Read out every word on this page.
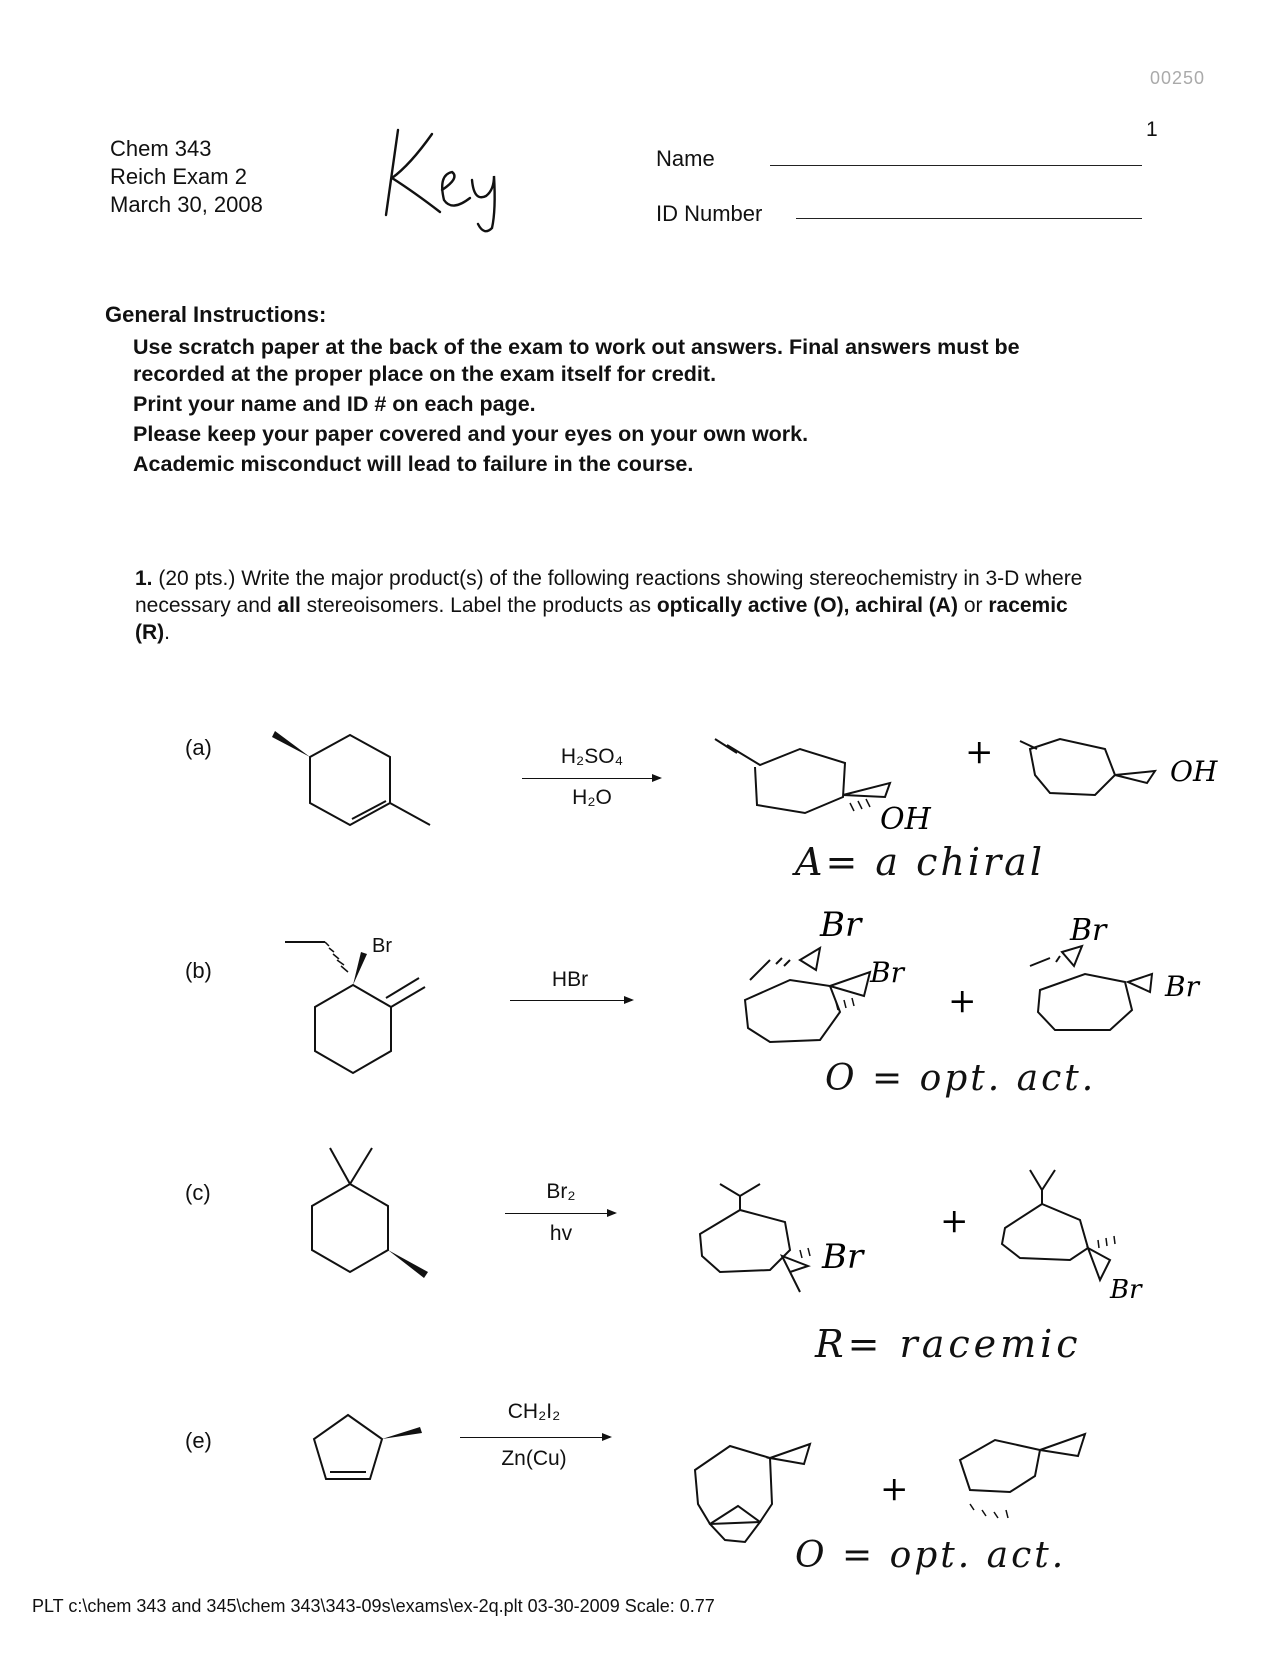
00250
1
Chem 343
Reich Exam 2
March 30, 2008
Name
ID Number
General Instructions:

Use scratch paper at the back of the exam to work out answers. Final answers must be recorded at the proper place on the exam itself for credit.

Print your name and ID # on each page.

Please keep your paper covered and your eyes on your own work.

Academic misconduct will lead to failure in the course.

1. (20 pts.) Write the major product(s) of the following reactions showing stereochemistry in 3-D where necessary and all stereoisomers. Label the products as optically active (O), achiral (A) or racemic (R).
(a)	H₂SO₄
H₂O
OH
+	OH
A= a chiral
(b)
Br
HBr
Br
Br
+
Br
Br
O = opt. act.
(c)	Br₂
hv
Br
+
Br
R= racemic
(e)
CH₂I₂
Zn(Cu)
+
O = opt. act.
PLT c:\chem 343 and 345\chem 343\343-09s\exams\ex-2q.plt 03-30-2009 Scale: 0.77
